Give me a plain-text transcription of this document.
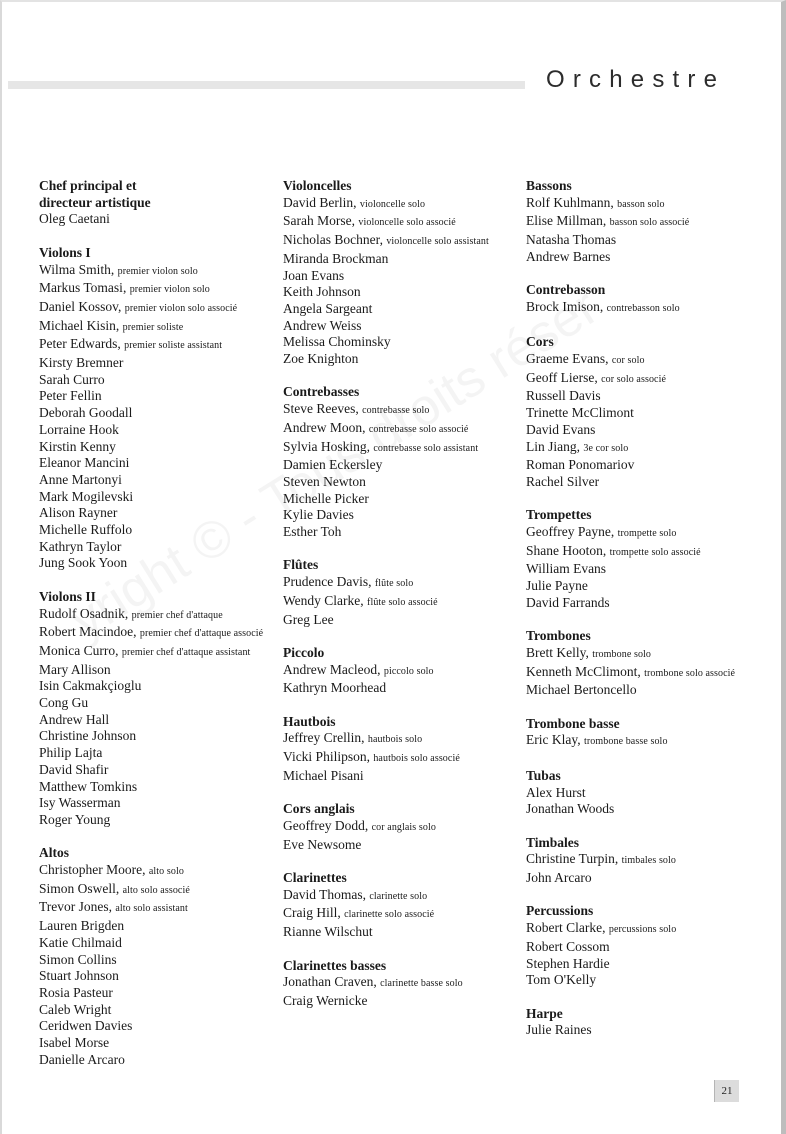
Orchestre
Chef principal et
directeur artistique
Oleg Caetani
Violons I
Wilma Smith, premier violon solo
Markus Tomasi, premier violon solo
Daniel Kossov, premier violon solo associé
Michael Kisin, premier soliste
Peter Edwards, premier soliste assistant
Kirsty Bremner
Sarah Curro
Peter Fellin
Deborah Goodall
Lorraine Hook
Kirstin Kenny
Eleanor Mancini
Anne Martonyi
Mark Mogilevski
Alison Rayner
Michelle Ruffolo
Kathryn Taylor
Jung Sook Yoon
Violons II
Rudolf Osadnik, premier chef d'attaque
Robert Macindoe, premier chef d'attaque associé
Monica Curro, premier chef d'attaque assistant
Mary Allison
Isin Cakmakçioglu
Cong Gu
Andrew Hall
Christine Johnson
Philip Lajta
David Shafir
Matthew Tomkins
Isy Wasserman
Roger Young
Altos
Christopher Moore, alto solo
Simon Oswell, alto solo associé
Trevor Jones, alto solo assistant
Lauren Brigden
Katie Chilmaid
Simon Collins
Stuart Johnson
Rosia Pasteur
Caleb Wright
Ceridwen Davies
Isabel Morse
Danielle Arcaro
Violoncelles
David Berlin, violoncelle solo
Sarah Morse, violoncelle solo associé
Nicholas Bochner, violoncelle solo assistant
Miranda Brockman
Joan Evans
Keith Johnson
Angela Sargeant
Andrew Weiss
Melissa Chominsky
Zoe Knighton
Contrebasses
Steve Reeves, contrebasse solo
Andrew Moon, contrebasse solo associé
Sylvia Hosking, contrebasse solo assistant
Damien Eckersley
Steven Newton
Michelle Picker
Kylie Davies
Esther Toh
Flûtes
Prudence Davis, flûte solo
Wendy Clarke, flûte solo associé
Greg Lee
Piccolo
Andrew Macleod, piccolo solo
Kathryn Moorhead
Hautbois
Jeffrey Crellin, hautbois solo
Vicki Philipson, hautbois solo associé
Michael Pisani
Cors anglais
Geoffrey Dodd, cor anglais solo
Eve Newsome
Clarinettes
David Thomas, clarinette solo
Craig Hill, clarinette solo associé
Rianne Wilschut
Clarinettes basses
Jonathan Craven, clarinette basse solo
Craig Wernicke
Bassons
Rolf Kuhlmann, basson solo
Elise Millman, basson solo associé
Natasha Thomas
Andrew Barnes
Contrebasson
Brock Imison, contrebasson solo
Cors
Graeme Evans, cor solo
Geoff Lierse, cor solo associé
Russell Davis
Trinette McClimont
David Evans
Lin Jiang, 3e cor solo
Roman Ponomariov
Rachel Silver
Trompettes
Geoffrey Payne, trompette solo
Shane Hooton, trompette solo associé
William Evans
Julie Payne
David Farrands
Trombones
Brett Kelly, trombone solo
Kenneth McClimont, trombone solo associé
Michael Bertoncello
Trombone basse
Eric Klay, trombone basse solo
Tubas
Alex Hurst
Jonathan Woods
Timbales
Christine Turpin, timbales solo
John Arcaro
Percussions
Robert Clarke, percussions solo
Robert Cossom
Stephen Hardie
Tom O'Kelly
Harpe
Julie Raines
21
